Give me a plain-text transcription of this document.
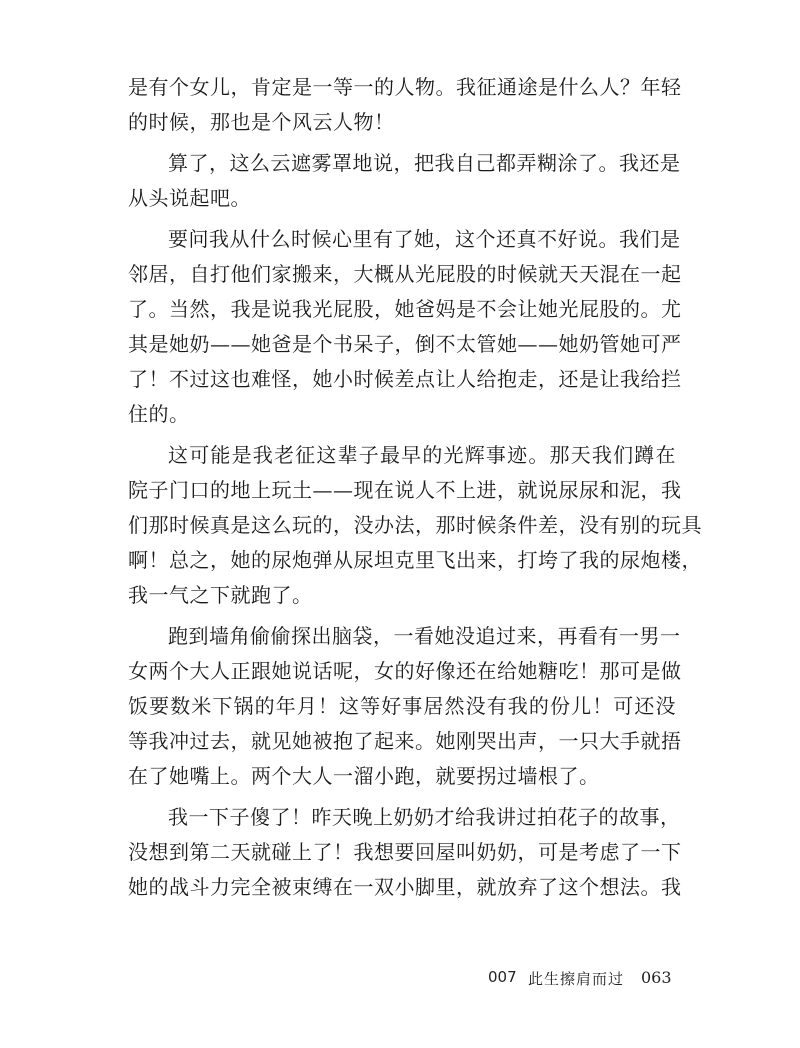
是有个女儿，肯定是一等一的人物。我征通途是什么人？年轻
的时候，那也是个风云人物！

算了，这么云遮雾罩地说，把我自己都弄糊涂了。我还是
从头说起吧。

要问我从什么时候心里有了她，这个还真不好说。我们是
邻居，自打他们家搬来，大概从光屁股的时候就天天混在一起
了。当然，我是说我光屁股，她爸妈是不会让她光屁股的。尤
其是她奶——她爸是个书呆子，倒不太管她——她奶管她可严
了！不过这也难怪，她小时候差点让人给抱走，还是让我给拦
住的。

这可能是我老征这辈子最早的光辉事迹。那天我们蹲在
院子门口的地上玩土——现在说人不上进，就说尿尿和泥，我
们那时候真是这么玩的，没办法，那时候条件差，没有别的玩具
啊！总之，她的尿炮弹从尿坦克里飞出来，打垮了我的尿炮楼，
我一气之下就跑了。

跑到墙角偷偷探出脑袋，一看她没追过来，再看有一男一
女两个大人正跟她说话呢，女的好像还在给她糖吃！那可是做
饭要数米下锅的年月！这等好事居然没有我的份儿！可还没
等我冲过去，就见她被抱了起来。她刚哭出声，一只大手就捂
在了她嘴上。两个大人一溜小跑，就要拐过墙根了。

我一下子傻了！昨天晚上奶奶才给我讲过拍花子的故事，
没想到第二天就碰上了！我想要回屋叫奶奶，可是考虑了一下
她的战斗力完全被束缚在一双小脚里，就放弃了这个想法。我

007 此生擦肩而过 063
